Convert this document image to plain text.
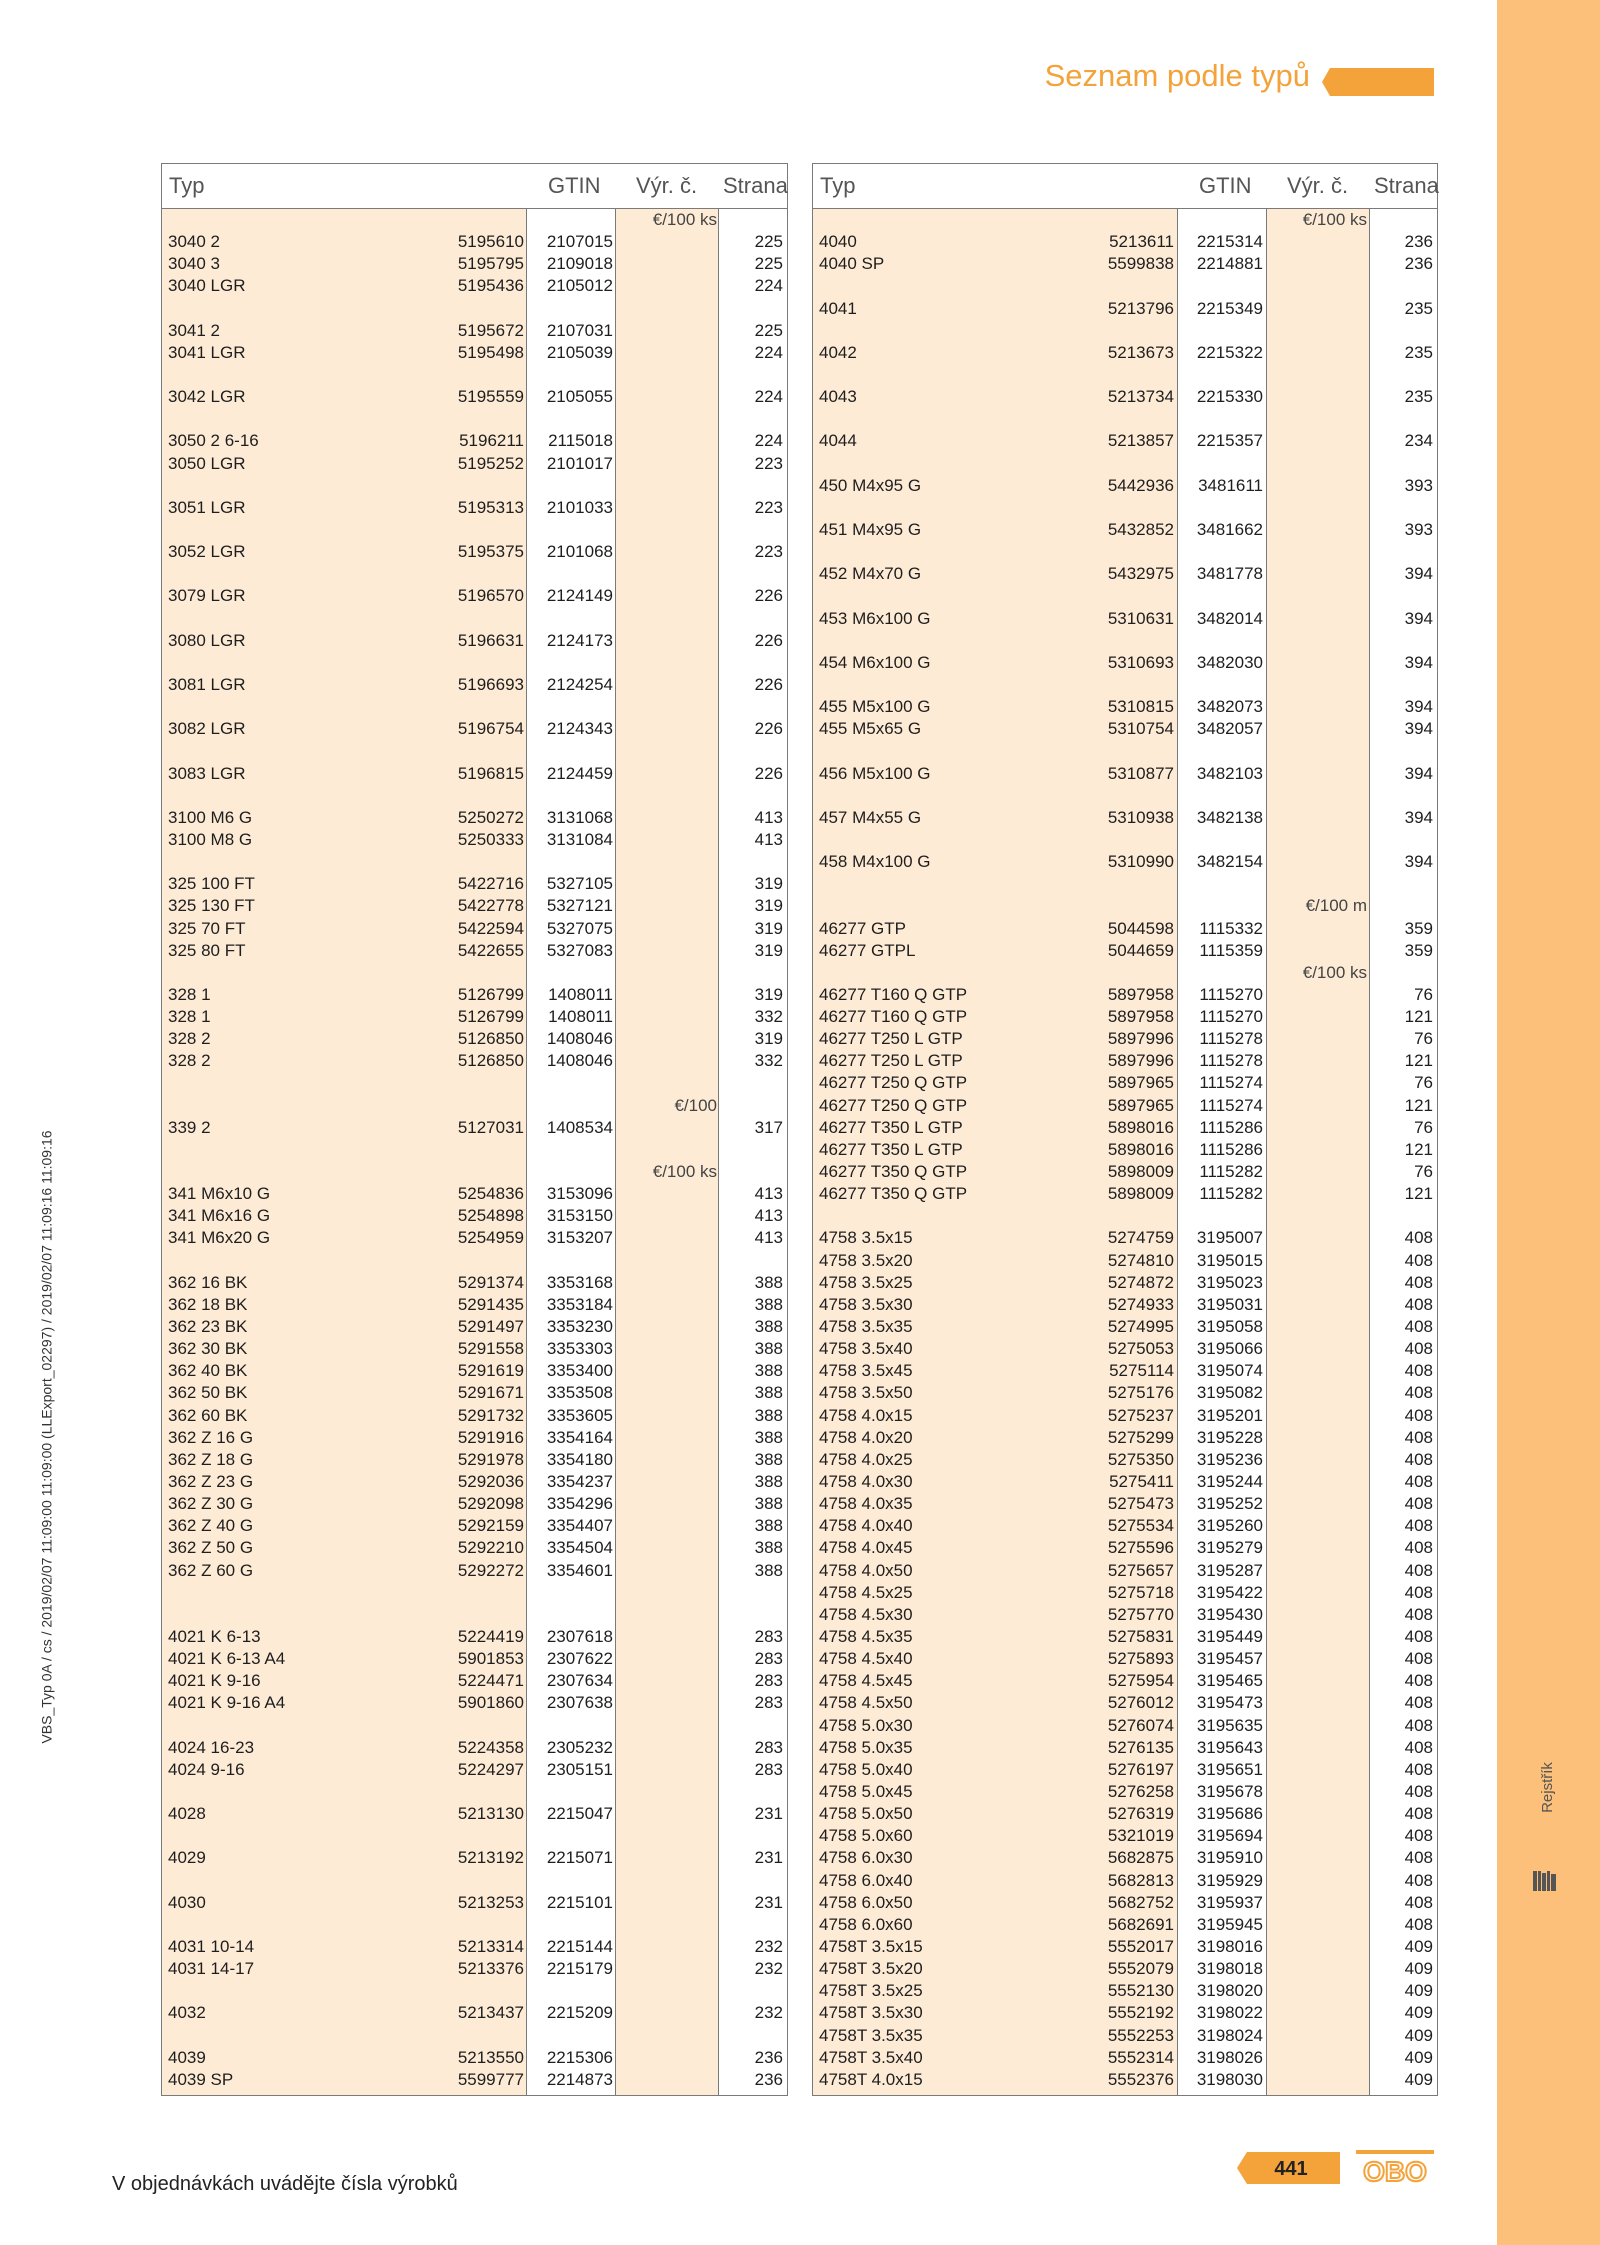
Rejstřík
Seznam podle typů
VBS_Typ 0A / cs / 2019/02/07 11:09:00 11:09:00 (LLExport_02297) / 2019/02/07 11:09:16 11:09:16
Typ	GTIN Výr. č. Strana
€/100 ks
3040 2	5195610 2107015	225
3040 3	5195795 2109018	225
3040 LGR	5195436 2105012	224
3041 2	5195672 2107031	225
3041 LGR	5195498 2105039	224
3042 LGR	5195559 2105055	224
3050 2 6-16	5196211 2115018	224
3050 LGR	5195252 2101017	223
3051 LGR	5195313 2101033	223
3052 LGR	5195375 2101068	223
3079 LGR	5196570 2124149	226
3080 LGR	5196631 2124173	226
3081 LGR	5196693 2124254	226
3082 LGR	5196754 2124343	226
3083 LGR	5196815 2124459	226
3100 M6 G	5250272 3131068	413
3100 M8 G	5250333 3131084	413
325 100 FT	5422716 5327105	319
325 130 FT	5422778 5327121	319
325 70 FT	5422594 5327075	319
325 80 FT	5422655 5327083	319
328 1	5126799 1408011	319
328 1	5126799 1408011	332
328 2	5126850 1408046	319
328 2	5126850 1408046	332
€/100
339 2	5127031 1408534	317
€/100 ks
341 M6x10 G	5254836 3153096	413
341 M6x16 G	5254898 3153150	413
341 M6x20 G	5254959 3153207	413
362 16 BK	5291374 3353168	388
362 18 BK	5291435 3353184	388
362 23 BK	5291497 3353230	388
362 30 BK	5291558 3353303	388
362 40 BK	5291619 3353400	388
362 50 BK	5291671 3353508	388
362 60 BK	5291732 3353605	388
362 Z 16 G	5291916 3354164	388
362 Z 18 G	5291978 3354180	388
362 Z 23 G	5292036 3354237	388
362 Z 30 G	5292098 3354296	388
362 Z 40 G	5292159 3354407	388
362 Z 50 G	5292210 3354504	388
362 Z 60 G	5292272 3354601	388
4021 K 6-13	5224419 2307618	283
4021 K 6-13 A4	5901853 2307622	283
4021 K 9-16	5224471 2307634	283
4021 K 9-16 A4	5901860 2307638	283
4024 16-23	5224358 2305232	283
4024 9-16	5224297 2305151	283
4028	5213130 2215047	231
4029	5213192 2215071	231
4030	5213253 2215101	231
4031 10-14	5213314 2215144	232
4031 14-17	5213376 2215179	232
4032	5213437 2215209	232
4039	5213550 2215306	236
4039 SP	5599777 2214873	236
Typ	GTIN Výr. č. Strana
€/100 ks
4040	5213611 2215314	236
4040 SP	5599838 2214881	236
4041	5213796 2215349	235
4042	5213673 2215322	235
4043	5213734 2215330	235
4044	5213857 2215357	234
450 M4x95 G	5442936 3481611	393
451 M4x95 G	5432852 3481662	393
452 M4x70 G	5432975 3481778	394
453 M6x100 G	5310631 3482014	394
454 M6x100 G	5310693 3482030	394
455 M5x100 G	5310815 3482073	394
455 M5x65 G	5310754 3482057	394
456 M5x100 G	5310877 3482103	394
457 M4x55 G	5310938 3482138	394
458 M4x100 G	5310990 3482154	394
€/100 m
46277 GTP	5044598 1115332	359
46277 GTPL	5044659 1115359	359
€/100 ks
46277 T160 Q GTP	5897958 1115270	76
46277 T160 Q GTP	5897958 1115270	121
46277 T250 L GTP	5897996 1115278	76
46277 T250 L GTP	5897996 1115278	121
46277 T250 Q GTP	5897965 1115274	76
46277 T250 Q GTP	5897965 1115274	121
46277 T350 L GTP	5898016 1115286	76
46277 T350 L GTP	5898016 1115286	121
46277 T350 Q GTP	5898009 1115282	76
46277 T350 Q GTP	5898009 1115282	121
4758 3.5x15	5274759 3195007	408
4758 3.5x20	5274810 3195015	408
4758 3.5x25	5274872 3195023	408
4758 3.5x30	5274933 3195031	408
4758 3.5x35	5274995 3195058	408
4758 3.5x40	5275053 3195066	408
4758 3.5x45	5275114 3195074	408
4758 3.5x50	5275176 3195082	408
4758 4.0x15	5275237 3195201	408
4758 4.0x20	5275299 3195228	408
4758 4.0x25	5275350 3195236	408
4758 4.0x30	5275411 3195244	408
4758 4.0x35	5275473 3195252	408
4758 4.0x40	5275534 3195260	408
4758 4.0x45	5275596 3195279	408
4758 4.0x50	5275657 3195287	408
4758 4.5x25	5275718 3195422	408
4758 4.5x30	5275770 3195430	408
4758 4.5x35	5275831 3195449	408
4758 4.5x40	5275893 3195457	408
4758 4.5x45	5275954 3195465	408
4758 4.5x50	5276012 3195473	408
4758 5.0x30	5276074 3195635	408
4758 5.0x35	5276135 3195643	408
4758 5.0x40	5276197 3195651	408
4758 5.0x45	5276258 3195678	408
4758 5.0x50	5276319 3195686	408
4758 5.0x60	5321019 3195694	408
4758 6.0x30	5682875 3195910	408
4758 6.0x40	5682813 3195929	408
4758 6.0x50	5682752 3195937	408
4758 6.0x60	5682691 3195945	408
4758T 3.5x15	5552017 3198016	409
4758T 3.5x20	5552079 3198018	409
4758T 3.5x25	5552130 3198020	409
4758T 3.5x30	5552192 3198022	409
4758T 3.5x35	5552253 3198024	409
4758T 3.5x40	5552314 3198026	409
4758T 4.0x15	5552376 3198030	409
V objednávkách uvádějte čísla výrobků
441	OBO
